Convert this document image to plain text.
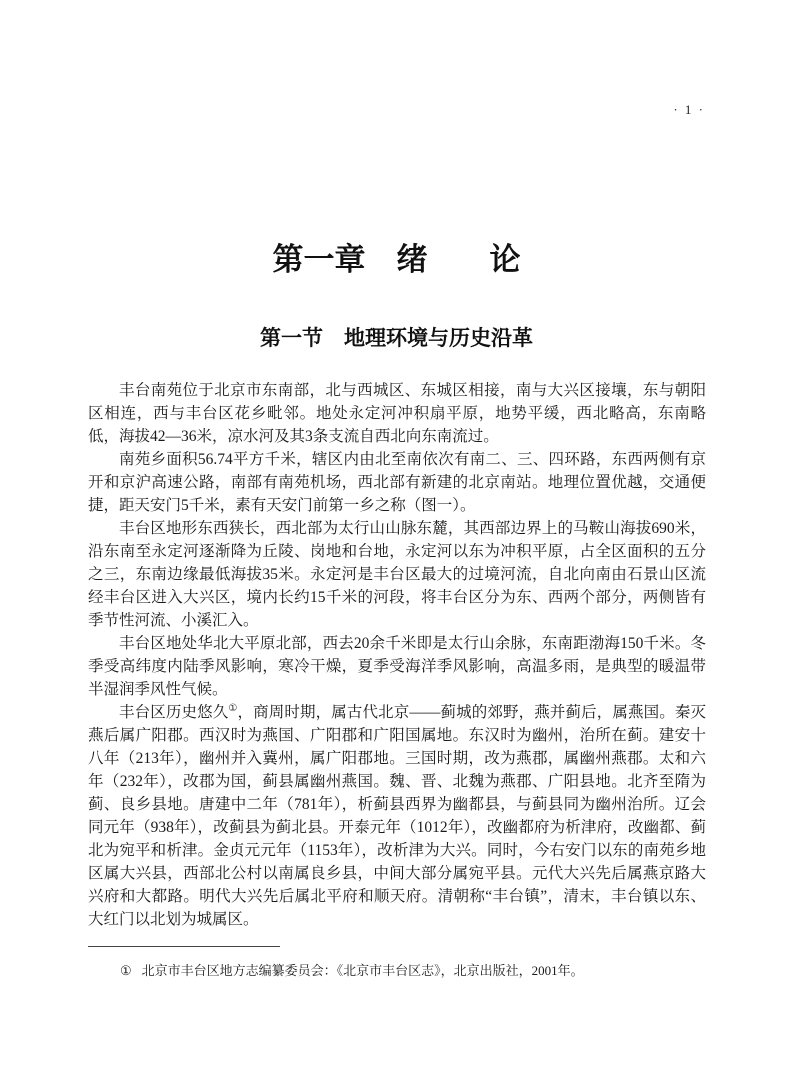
· 1 ·
第一章　绪　　论
第一节　地理环境与历史沿革

丰台南苑位于北京市东南部，北与西城区、东城区相接，南与大兴区接壤，东与朝阳区相连，西与丰台区花乡毗邻。地处永定河冲积扇平原，地势平缓，西北略高，东南略低，海拔42—36米，凉水河及其3条支流自西北向东南流过。

南苑乡面积56.74平方千米，辖区内由北至南依次有南二、三、四环路，东西两侧有京开和京沪高速公路，南部有南苑机场，西北部有新建的北京南站。地理位置优越，交通便捷，距天安门5千米，素有天安门前第一乡之称（图一）。

丰台区地形东西狭长，西北部为太行山山脉东麓，其西部边界上的马鞍山海拔690米，沿东南至永定河逐渐降为丘陵、岗地和台地，永定河以东为冲积平原，占全区面积的五分之三，东南边缘最低海拔35米。永定河是丰台区最大的过境河流，自北向南由石景山区流经丰台区进入大兴区，境内长约15千米的河段，将丰台区分为东、西两个部分，两侧皆有季节性河流、小溪汇入。

丰台区地处华北大平原北部，西去20余千米即是太行山余脉，东南距渤海150千米。冬季受高纬度内陆季风影响，寒冷干燥，夏季受海洋季风影响，高温多雨，是典型的暖温带半湿润季风性气候。

丰台区历史悠久①，商周时期，属古代北京——蓟城的郊野，燕并蓟后，属燕国。秦灭燕后属广阳郡。西汉时为燕国、广阳郡和广阳国属地。东汉时为幽州，治所在蓟。建安十八年（213年），幽州并入冀州，属广阳郡地。三国时期，改为燕郡，属幽州燕郡。太和六年（232年），改郡为国，蓟县属幽州燕国。魏、晋、北魏为燕郡、广阳县地。北齐至隋为蓟、良乡县地。唐建中二年（781年），析蓟县西界为幽都县，与蓟县同为幽州治所。辽会同元年（938年），改蓟县为蓟北县。开泰元年（1012年），改幽都府为析津府，改幽都、蓟北为宛平和析津。金贞元元年（1153年），改析津为大兴。同时，今右安门以东的南苑乡地区属大兴县，西部北公村以南属良乡县，中间大部分属宛平县。元代大兴先后属燕京路大兴府和大都路。明代大兴先后属北平府和顺天府。清朝称“丰台镇”，清末，丰台镇以东、大红门以北划为城属区。

① 北京市丰台区地方志编纂委员会：《北京市丰台区志》，北京出版社，2001年。
